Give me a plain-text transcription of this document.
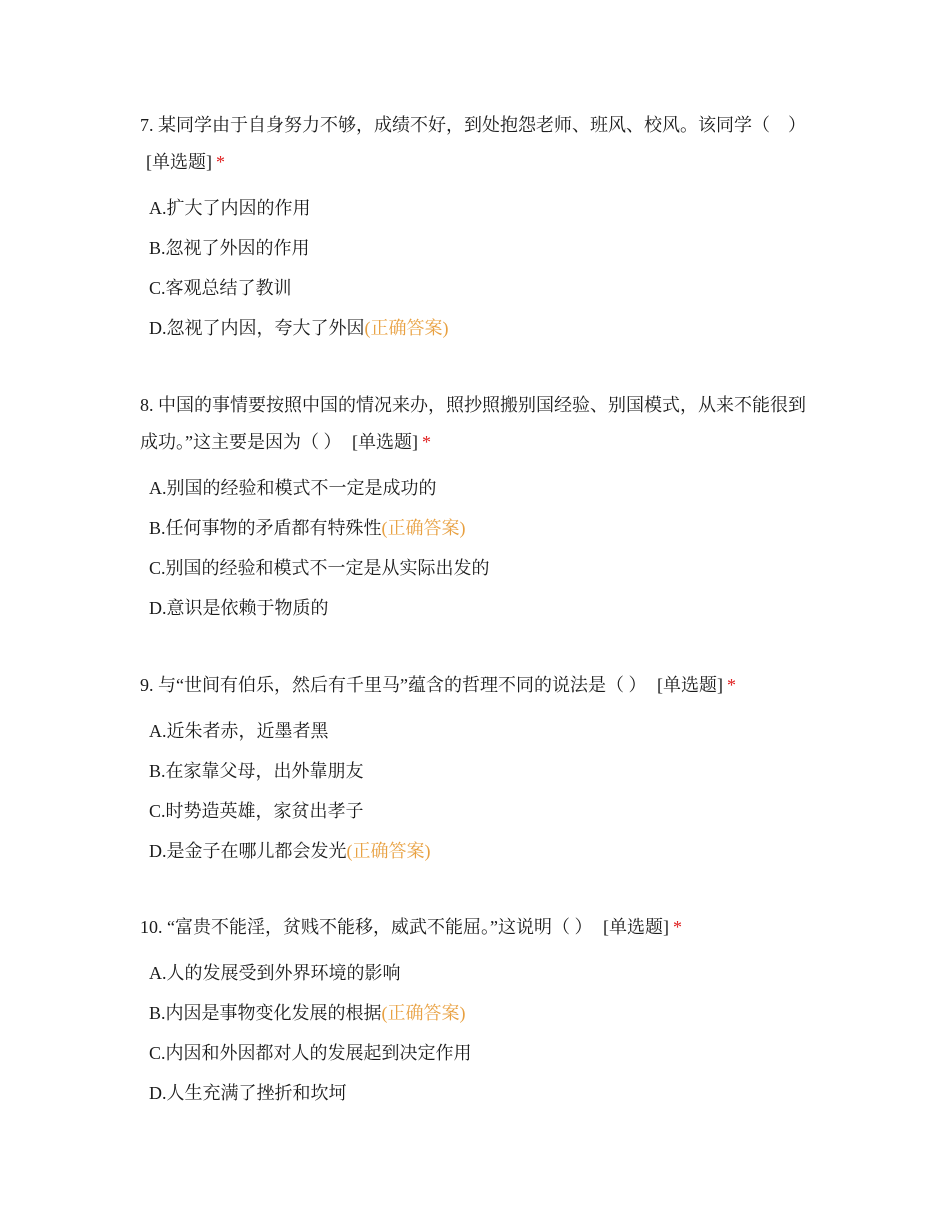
7. 某同学由于自身努力不够，成绩不好，到处抱怨老师、班风、校风。该同学（　） [单选题] *
A.扩大了内因的作用
B.忽视了外因的作用
C.客观总结了教训
D.忽视了内因，夸大了外因(正确答案)
8. 中国的事情要按照中国的情况来办，照抄照搬别国经验、别国模式，从来不能很到成功。”这主要是因为（ ） [单选题] *
A.别国的经验和模式不一定是成功的
B.任何事物的矛盾都有特殊性(正确答案)
C.别国的经验和模式不一定是从实际出发的
D.意识是依赖于物质的
9. 与“世间有伯乐，然后有千里马”蕴含的哲理不同的说法是（ ） [单选题] *
A.近朱者赤，近墨者黑
B.在家靠父母，出外靠朋友
C.时势造英雄，家贫出孝子
D.是金子在哪儿都会发光(正确答案)
10. “富贵不能淫，贫贱不能移，威武不能屈。”这说明（ ） [单选题] *
A.人的发展受到外界环境的影响
B.内因是事物变化发展的根据(正确答案)
C.内因和外因都对人的发展起到决定作用
D.人生充满了挫折和坎坷
